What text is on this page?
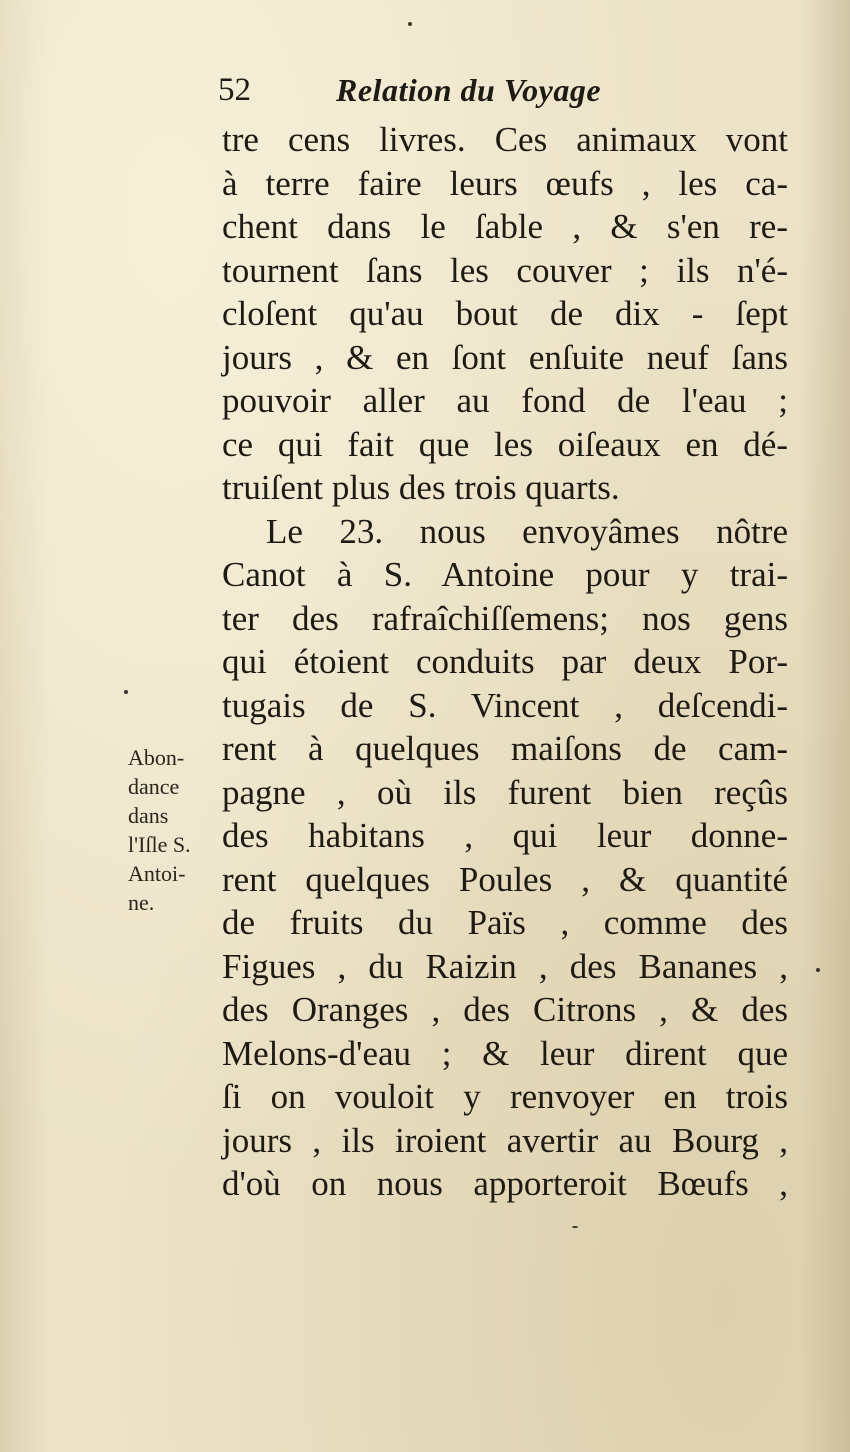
52	Relation du Voyage
tre cens livres. Ces animaux vont
à terre faire leurs œufs , les ca-
chent dans le ſable , & s'en re-
tournent ſans les couver ; ils n'é-
cloſent qu'au bout de dix - ſept
jours , & en ſont enſuite neuf ſans
pouvoir aller au fond de l'eau ;
ce qui fait que les oiſeaux en dé-
truiſent plus des trois quarts.
Le 23. nous envoyâmes nôtre
Canot à S. Antoine pour y trai-
ter des rafraîchiſſemens; nos gens
qui étoient conduits par deux Por-
tugais de S. Vincent , deſcendi-
rent à quelques maiſons de cam-
pagne , où ils furent bien reçûs
des habitans , qui leur donne-
rent quelques Poules , & quantité
de fruits du Païs , comme des
Figues , du Raizin , des Bananes ,
des Oranges , des Citrons , & des
Melons-d'eau ; & leur dirent que
ſi on vouloit y renvoyer en trois
jours , ils iroient avertir au Bourg ,
d'où on nous apporteroit Bœufs ,
Abon-
dance
dans
l'Iſle S.
Antoi-
ne.
